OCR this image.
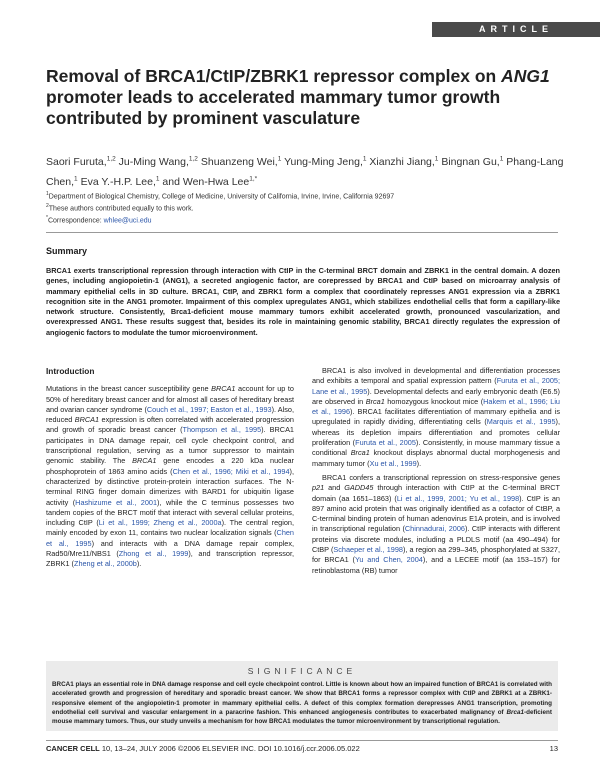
ARTICLE
Removal of BRCA1/CtIP/ZBRK1 repressor complex on ANG1 promoter leads to accelerated mammary tumor growth contributed by prominent vasculature
Saori Furuta,$^{1,2}$ Ju-Ming Wang,$^{1,2}$ Shuanzeng Wei,$^1$ Yung-Ming Jeng,$^1$ Xianzhi Jiang,$^1$ Bingnan Gu,$^1$ Phang-Lang Chen,$^1$ Eva Y.-H.P. Lee,$^1$ and Wen-Hwa Lee$^{1,*}$
$^1$Department of Biological Chemistry, College of Medicine, University of California, Irvine, Irvine, California 92697
$^2$These authors contributed equally to this work.
*Correspondence: whlee@uci.edu
Summary
BRCA1 exerts transcriptional repression through interaction with CtIP in the C-terminal BRCT domain and ZBRK1 in the central domain. A dozen genes, including angiopoietin-1 (ANG1), a secreted angiogenic factor, are corepressed by BRCA1 and CtIP based on microarray analysis of mammary epithelial cells in 3D culture. BRCA1, CtIP, and ZBRK1 form a complex that coordinately represses ANG1 expression via a ZBRK1 recognition site in the ANG1 promoter. Impairment of this complex upregulates ANG1, which stabilizes endothelial cells that form a capillary-like network structure. Consistently, Brca1-deficient mouse mammary tumors exhibit accelerated growth, pronounced vascularization, and overexpressed ANG1. These results suggest that, besides its role in maintaining genomic stability, BRCA1 directly regulates the expression of angiogenic factors to modulate the tumor microenvironment.
Introduction

Mutations in the breast cancer susceptibility gene BRCA1 account for up to 50% of hereditary breast cancer and for almost all cases of hereditary breast and ovarian cancer syndrome (Couch et al., 1997; Easton et al., 1993). Also, reduced BRCA1 expression is often correlated with accelerated progression and growth of sporadic breast cancer (Thompson et al., 1995). BRCA1 participates in DNA damage repair, cell cycle checkpoint control, and transcriptional regulation, serving as a tumor suppressor to maintain genomic stability. The BRCA1 gene encodes a 220 kDa nuclear phosphoprotein of 1863 amino acids (Chen et al., 1996; Miki et al., 1994), characterized by distinctive protein-protein interaction surfaces. The N-terminal RING finger domain dimerizes with BARD1 for ubiquitin ligase activity (Hashizume et al., 2001), while the C terminus possesses two tandem copies of the BRCT motif that interact with several cellular proteins, including CtIP (Li et al., 1999; Zheng et al., 2000a). The central region, mainly encoded by exon 11, contains two nuclear localization signals (Chen et al., 1995) and interacts with a DNA damage repair complex, Rad50/Mre11/NBS1 (Zhong et al., 1999), and transcription repressor, ZBRK1 (Zheng et al., 2000b).

BRCA1 is also involved in developmental and differentiation processes and exhibits a temporal and spatial expression pattern (Furuta et al., 2005; Lane et al., 1995). Developmental defects and early embryonic death (E6.5) are observed in Brca1 homozygous knockout mice (Hakem et al., 1996; Liu et al., 1996). BRCA1 facilitates differentiation of mammary epithelia and is upregulated in rapidly dividing, differentiating cells (Marquis et al., 1995), whereas its depletion impairs differentiation and promotes cellular proliferation (Furuta et al., 2005). Consistently, in mouse mammary tissue a conditional Brca1 knockout displays abnormal ductal morphogenesis and mammary tumor (Xu et al., 1999).

BRCA1 confers a transcriptional repression on stress-responsive genes p21 and GADD45 through interaction with CtIP at the C-terminal BRCT domain (aa 1651–1863) (Li et al., 1999, 2001; Yu et al., 1998). CtIP is an 897 amino acid protein that was originally identified as a cofactor of CtBP, a C-terminal binding protein of human adenovirus E1A protein, and is involved in transcriptional regulation (Chinnadurai, 2006). CtIP interacts with different proteins via discrete modules, including a PLDLS motif (aa 490–494) for CtBP (Schaeper et al., 1998), a region aa 299–345, phosphorylated at S327, for BRCA1 (Yu and Chen, 2004), and a LECEE motif (aa 153–157) for retinoblastoma (RB) tumor

SIGNIFICANCE
BRCA1 plays an essential role in DNA damage response and cell cycle checkpoint control. Little is known about how an impaired function of BRCA1 is correlated with accelerated growth and progression of hereditary and sporadic breast cancer. We show that BRCA1 forms a repressor complex with CtIP and ZBRK1 at a ZBRK1-responsive element of the angiopoietin-1 promoter in mammary epithelial cells. A defect of this complex formation derepresses ANG1 transcription, promoting endothelial cell survival and vascular enlargement in a paracrine fashion. This enhanced angiogenesis contributes to exacerbated malignancy of Brca1-deficient mouse mammary tumors. Thus, our study unveils a mechanism for how BRCA1 modulates the tumor microenvironment by transcriptional regulation.
CANCER CELL 10, 13–24, JULY 2006 ©2006 ELSEVIER INC. DOI 10.1016/j.ccr.2006.05.022	13
